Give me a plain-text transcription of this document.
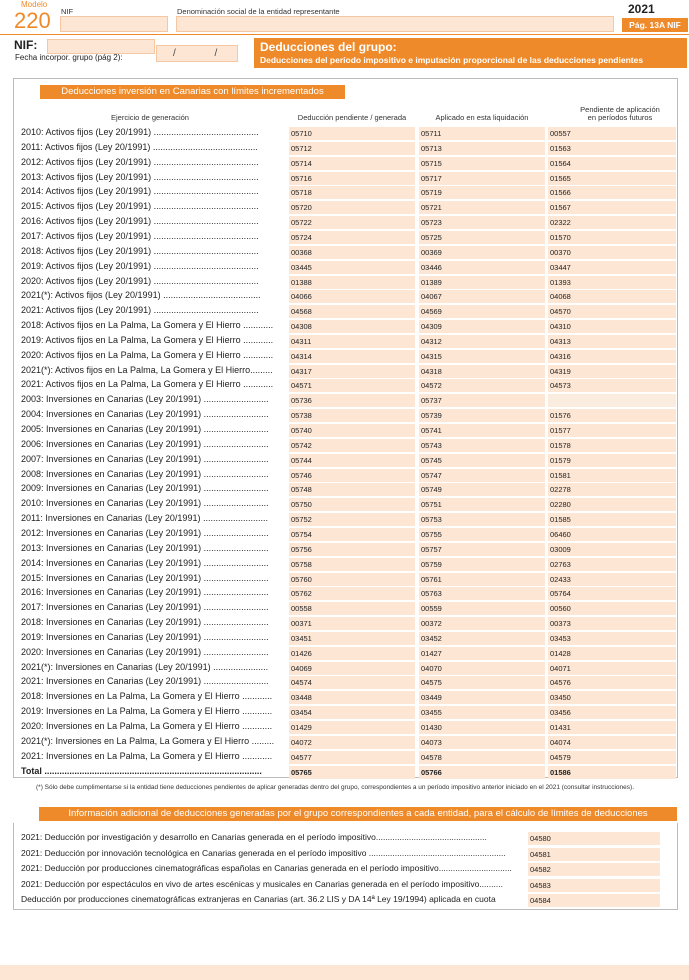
Modelo
220 NIF	Denominación social de la entidad representante	2021
Pág. 13A NIF
NIF:
Fecha incorpor. grupo (pág 2):	/ / Deducciones del grupo:
Deducciones del período impositivo e imputación proporcional de las deducciones pendientes
Deducciones inversión en Canarias con límites incrementados
Ejercicio de generación	Deducción pendiente / generada	Aplicado en esta liquidación
Pendiente de aplicación en períodos futuros
2010: Activos fijos (Ley 20/1991) ..........................................	05710	05711	00557
2011: Activos fijos (Ley 20/1991) ..........................................	05712	05713	01563
2012: Activos fijos (Ley 20/1991) ..........................................	05714	05715	01564
2013: Activos fijos (Ley 20/1991) ..........................................	05716	05717	01565
2014: Activos fijos (Ley 20/1991) ..........................................	05718	05719	01566
2015: Activos fijos (Ley 20/1991) ..........................................	05720	05721	01567
2016: Activos fijos (Ley 20/1991) ..........................................	05722	05723	02322
2017: Activos fijos (Ley 20/1991) ..........................................	05724	05725	01570
2018: Activos fijos (Ley 20/1991) ..........................................	00368	00369	00370
2019: Activos fijos (Ley 20/1991) ..........................................	03445	03446	03447
2020: Activos fijos (Ley 20/1991) ..........................................	01388	01389	01393
2021(*): Activos fijos (Ley 20/1991) .......................................	04066	04067	04068
2021: Activos fijos (Ley 20/1991) ..........................................	04568	04569	04570
2018: Activos fijos en La Palma, La Gomera y El Hierro ............	04308	04309	04310
2019: Activos fijos en La Palma, La Gomera y El Hierro ............	04311	04312	04313
2020: Activos fijos en La Palma, La Gomera y El Hierro ............	04314	04315	04316
2021(*): Activos fijos en La Palma, La Gomera y El Hierro.........	04317	04318	04319
2021: Activos fijos en La Palma, La Gomera y El Hierro ............	04571	04572	04573
2003: Inversiones en Canarias (Ley 20/1991) ..........................	05736	05737
2004: Inversiones en Canarias (Ley 20/1991) ..........................	05738	05739	01576
2005: Inversiones en Canarias (Ley 20/1991) ..........................	05740	05741	01577
2006: Inversiones en Canarias (Ley 20/1991) ..........................	05742	05743	01578
2007: Inversiones en Canarias (Ley 20/1991) ..........................	05744	05745	01579
2008: Inversiones en Canarias (Ley 20/1991) ..........................	05746	05747	01581
2009: Inversiones en Canarias (Ley 20/1991) ..........................	05748	05749	02278
2010: Inversiones en Canarias (Ley 20/1991) ..........................	05750	05751	02280
2011: Inversiones en Canarias (Ley 20/1991) ..........................	05752	05753	01585
2012: Inversiones en Canarias (Ley 20/1991) ..........................	05754	05755	06460
2013: Inversiones en Canarias (Ley 20/1991) ..........................	05756	05757	03009
2014: Inversiones en Canarias (Ley 20/1991) ..........................	05758	05759	02763
2015: Inversiones en Canarias (Ley 20/1991) ..........................	05760	05761	02433
2016: Inversiones en Canarias (Ley 20/1991) ..........................	05762	05763	05764
2017: Inversiones en Canarias (Ley 20/1991) ..........................	00558	00559	00560
2018: Inversiones en Canarias (Ley 20/1991) ..........................	00371	00372	00373
2019: Inversiones en Canarias (Ley 20/1991) ..........................	03451	03452	03453
2020: Inversiones en Canarias (Ley 20/1991) ..........................	01426	01427	01428
2021(*): Inversiones en Canarias (Ley 20/1991) ......................	04069	04070	04071
2021: Inversiones en Canarias (Ley 20/1991) ..........................	04574	04575	04576
2018: Inversiones en La Palma, La Gomera y El Hierro ............	03448	03449	03450
2019: Inversiones en La Palma, La Gomera y El Hierro ............	03454	03455	03456
2020: Inversiones en La Palma, La Gomera y El Hierro ............	01429	01430	01431
2021(*): Inversiones en La Palma, La Gomera y El Hierro .........	04072	04073	04074
2021: Inversiones en La Palma, La Gomera y El Hierro ............	04577	04578	04579
Total .......................................................................................	05765	05766	01586
(*) Sólo debe cumplimentarse si la entidad tiene deducciones pendientes de aplicar generadas dentro del grupo, correspondientes a un período impositivo anterior iniciado en el 2021 (consultar instrucciones).
Información adicional de deducciones generadas por el grupo correspondientes a cada entidad, para el cálculo de límites de deducciones
2021: Deducción por investigación y desarrollo en Canarias generada en el período impositivo...............................................	04580
2021: Deducción por innovación tecnológica en Canarias generada en el período impositivo ..........................................................	04581
2021: Deducción por producciones cinematográficas españolas en Canarias generada en el período impositivo...............................	04582
2021: Deducción por espectáculos en vivo de artes escénicas y musicales en Canarias generada en el período impositivo..........	04583
Deducción por producciones cinematográficas extranjeras en Canarias (art. 36.2 LIS y DA 14ª Ley 19/1994) aplicada en cuota	04584
